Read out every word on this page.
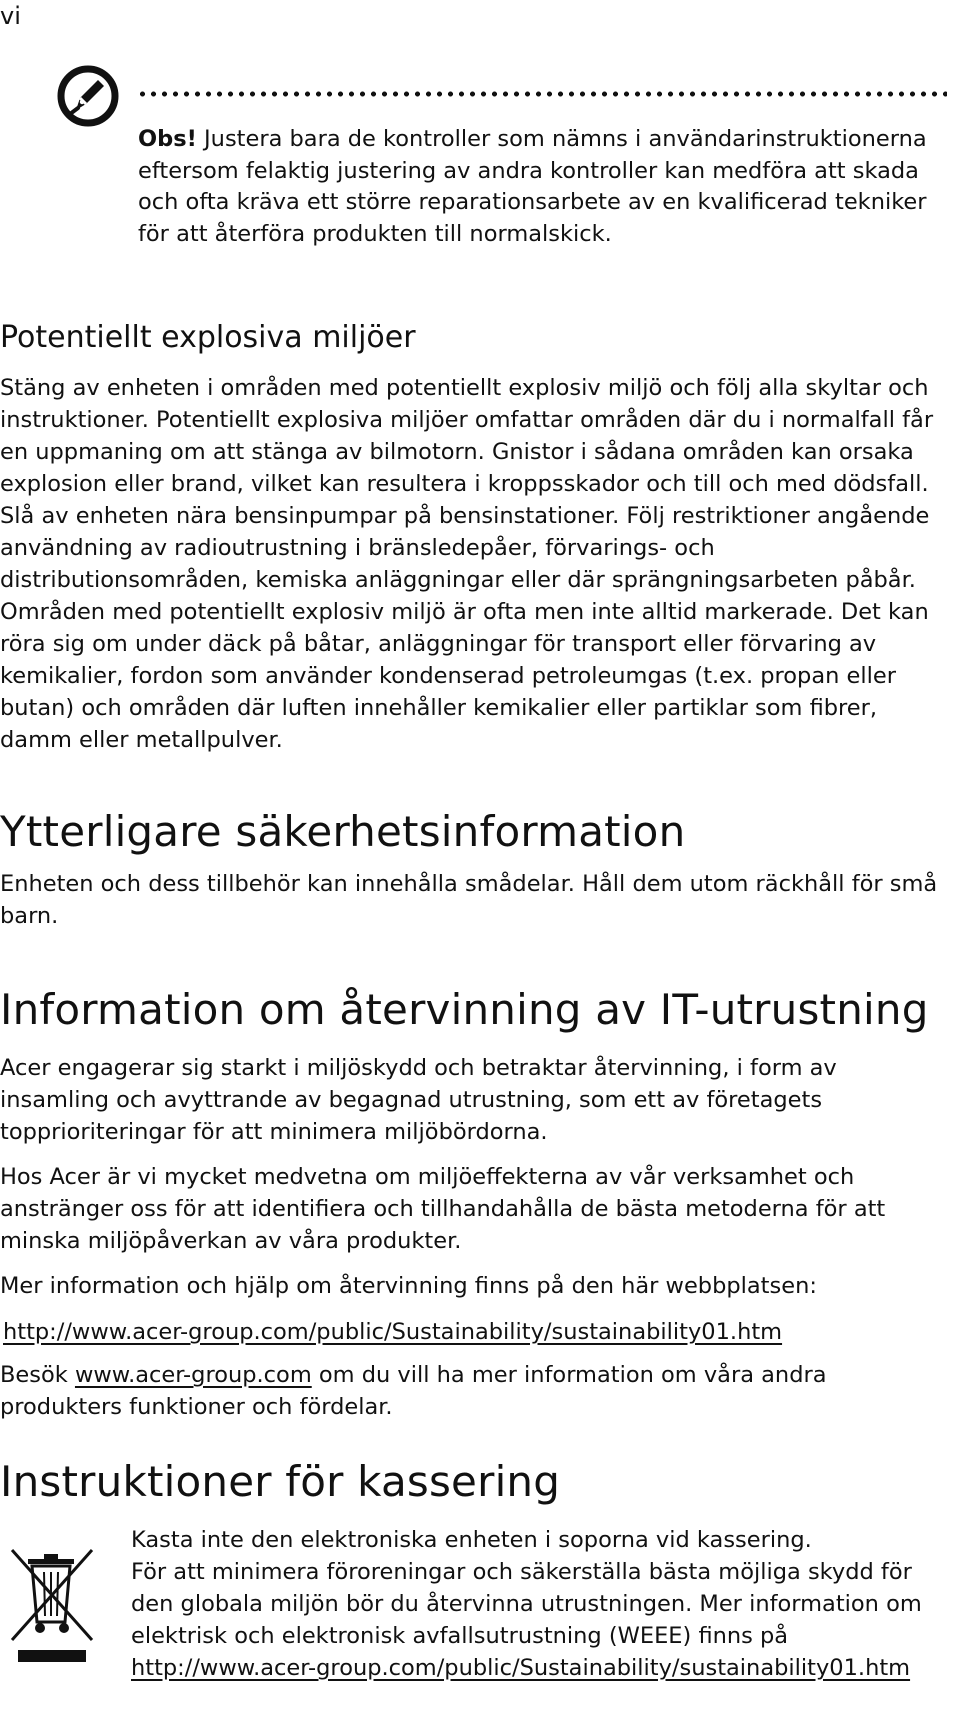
vi
Obs! Justera bara de kontroller som nämns i användarinstruktionerna eftersom felaktig justering av andra kontroller kan medföra att skada och ofta kräva ett större reparationsarbete av en kvalificerad tekniker för att återföra produkten till normalskick.
Potentiellt explosiva miljöer

Stäng av enheten i områden med potentiellt explosiv miljö och följ alla skyltar och instruktioner. Potentiellt explosiva miljöer omfattar områden där du i normalfall får en uppmaning om att stänga av bilmotorn. Gnistor i sådana områden kan orsaka explosion eller brand, vilket kan resultera i kroppsskador och till och med dödsfall. Slå av enheten nära bensinpumpar på bensinstationer. Följ restriktioner angående användning av radioutrustning i bränsledepåer, förvarings- och distributionsområden, kemiska anläggningar eller där sprängningsarbeten påbår. Områden med potentiellt explosiv miljö är ofta men inte alltid markerade. Det kan röra sig om under däck på båtar, anläggningar för transport eller förvaring av kemikalier, fordon som använder kondenserad petroleumgas (t.ex. propan eller butan) och områden där luften innehåller kemikalier eller partiklar som fibrer, damm eller metallpulver.

Ytterligare säkerhetsinformation

Enheten och dess tillbehör kan innehålla smådelar. Håll dem utom räckhåll för små barn.

Information om återvinning av IT-utrustning

Acer engagerar sig starkt i miljöskydd och betraktar återvinning, i form av insamling och avyttrande av begagnad utrustning, som ett av företagets topprioriteringar för att minimera miljöbördorna.

Hos Acer är vi mycket medvetna om miljöeffekterna av vår verksamhet och anstränger oss för att identifiera och tillhandahålla de bästa metoderna för att minska miljöpåverkan av våra produkter.

Mer information och hjälp om återvinning finns på den här webbplatsen:

http://www.acer-group.com/public/Sustainability/sustainability01.htm

Besök www.acer-group.com om du vill ha mer information om våra andra produkters funktioner och fördelar.

Instruktioner för kassering
Kasta inte den elektroniska enheten i soporna vid kassering.
För att minimera föroreningar och säkerställa bästa möjliga skydd för den globala miljön bör du återvinna utrustningen. Mer information om elektrisk och elektronisk avfallsutrustning (WEEE) finns på
http://www.acer-group.com/public/Sustainability/sustainability01.htm
